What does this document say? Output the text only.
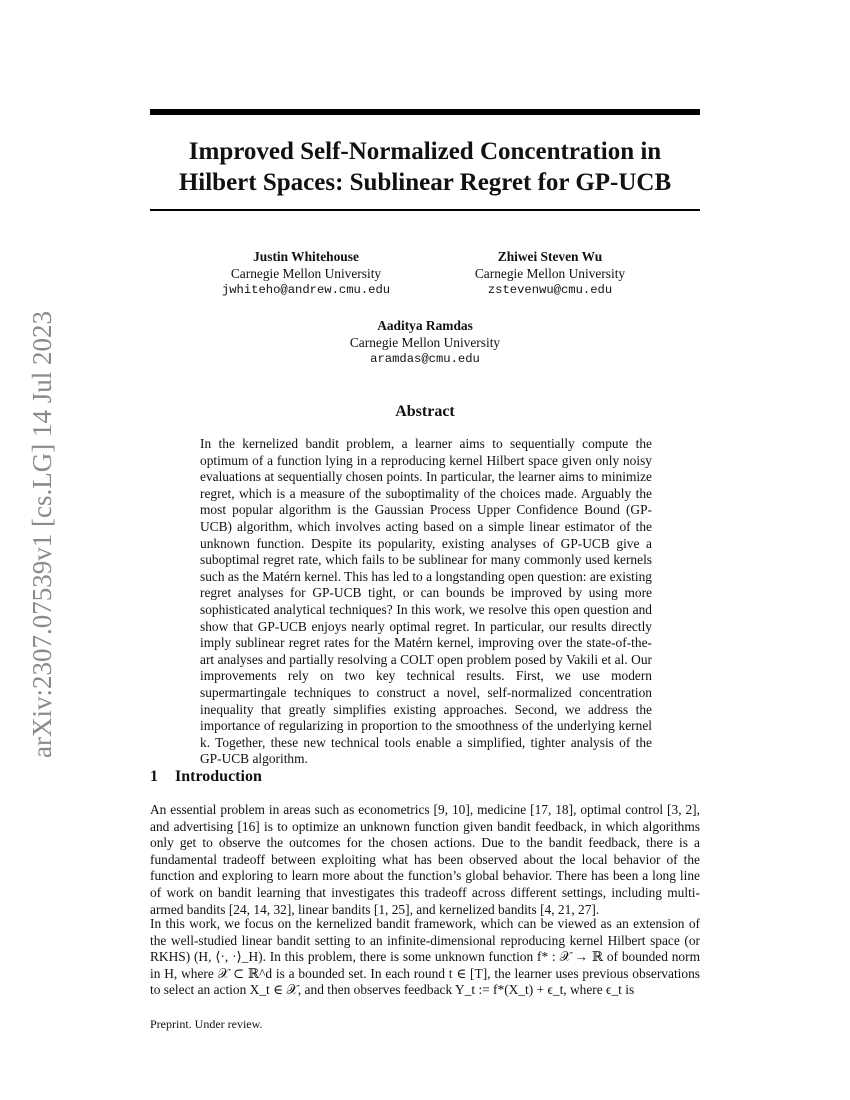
arXiv:2307.07539v1 [cs.LG] 14 Jul 2023
Improved Self-Normalized Concentration in Hilbert Spaces: Sublinear Regret for GP-UCB
Justin Whitehouse
Carnegie Mellon University
jwhiteho@andrew.cmu.edu
Zhiwei Steven Wu
Carnegie Mellon University
zstevenwu@cmu.edu
Aaditya Ramdas
Carnegie Mellon University
aramdas@cmu.edu
Abstract

In the kernelized bandit problem, a learner aims to sequentially compute the optimum of a function lying in a reproducing kernel Hilbert space given only noisy evaluations at sequentially chosen points. In particular, the learner aims to minimize regret, which is a measure of the suboptimality of the choices made. Arguably the most popular algorithm is the Gaussian Process Upper Confidence Bound (GP-UCB) algorithm, which involves acting based on a simple linear estimator of the unknown function. Despite its popularity, existing analyses of GP-UCB give a suboptimal regret rate, which fails to be sublinear for many commonly used kernels such as the Matérn kernel. This has led to a longstanding open question: are existing regret analyses for GP-UCB tight, or can bounds be improved by using more sophisticated analytical techniques? In this work, we resolve this open question and show that GP-UCB enjoys nearly optimal regret. In particular, our results directly imply sublinear regret rates for the Matérn kernel, improving over the state-of-the-art analyses and partially resolving a COLT open problem posed by Vakili et al. Our improvements rely on two key technical results. First, we use modern supermartingale techniques to construct a novel, self-normalized concentration inequality that greatly simplifies existing approaches. Second, we address the importance of regularizing in proportion to the smoothness of the underlying kernel k. Together, these new technical tools enable a simplified, tighter analysis of the GP-UCB algorithm.

1 Introduction

An essential problem in areas such as econometrics [9, 10], medicine [17, 18], optimal control [3, 2], and advertising [16] is to optimize an unknown function given bandit feedback, in which algorithms only get to observe the outcomes for the chosen actions. Due to the bandit feedback, there is a fundamental tradeoff between exploiting what has been observed about the local behavior of the function and exploring to learn more about the function’s global behavior. There has been a long line of work on bandit learning that investigates this tradeoff across different settings, including multi-armed bandits [24, 14, 32], linear bandits [1, 25], and kernelized bandits [4, 21, 27].

In this work, we focus on the kernelized bandit framework, which can be viewed as an extension of the well-studied linear bandit setting to an infinite-dimensional reproducing kernel Hilbert space (or RKHS) (H, ⟨·, ·⟩_H). In this problem, there is some unknown function f* : 𝒳 → ℝ of bounded norm in H, where 𝒳 ⊂ ℝ^d is a bounded set. In each round t ∈ [T], the learner uses previous observations to select an action X_t ∈ 𝒳, and then observes feedback Y_t := f*(X_t) + ϵ_t, where ϵ_t is

Preprint. Under review.
